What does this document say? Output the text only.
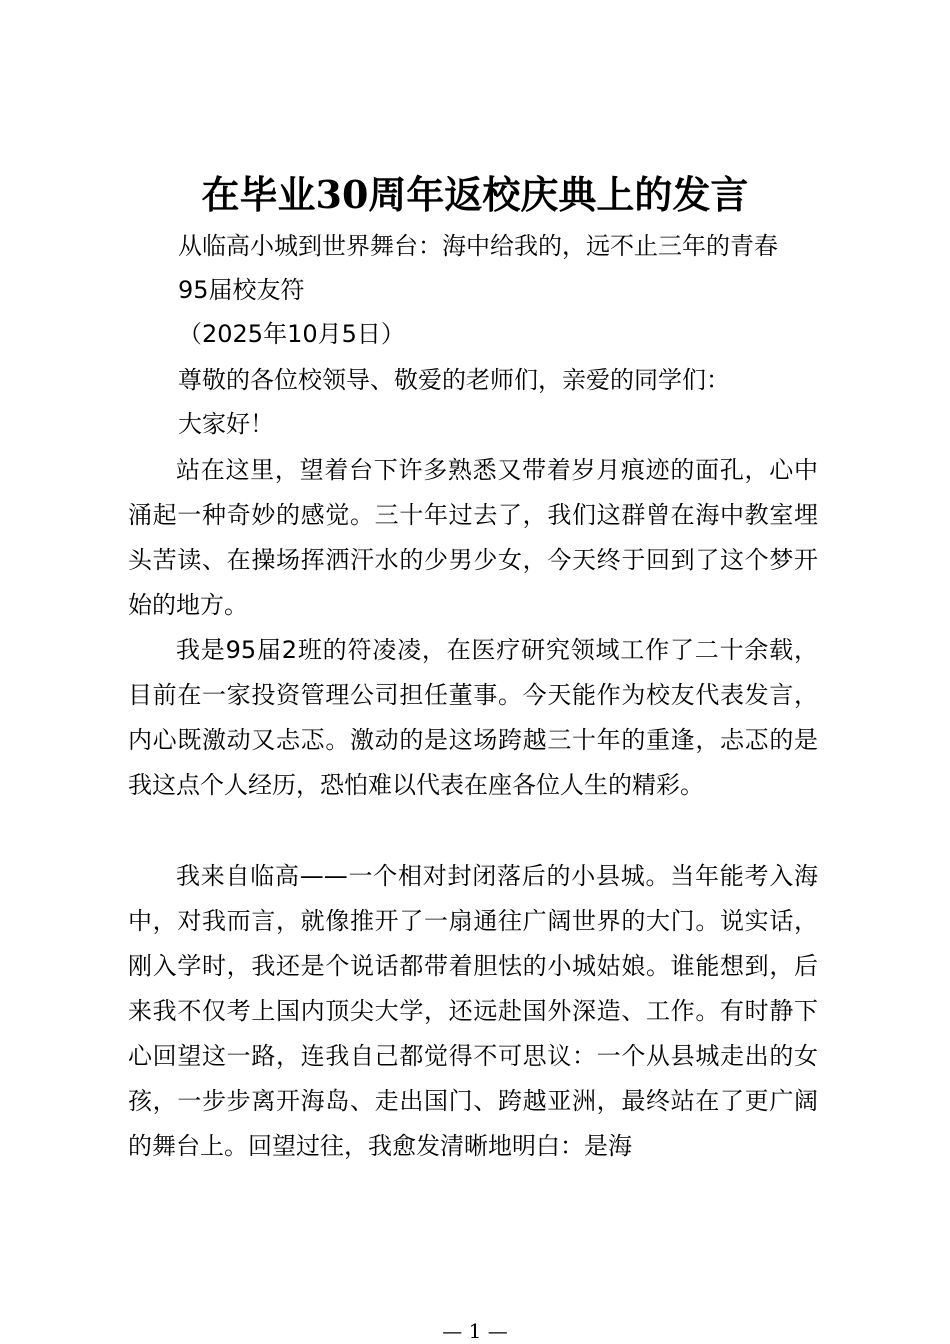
在毕业30周年返校庆典上的发言

从临高小城到世界舞台：海中给我的，远不止三年的青春

95届校友符

（2025年10月5日）

尊敬的各位校领导、敬爱的老师们，亲爱的同学们：

大家好！

站在这里，望着台下许多熟悉又带着岁月痕迹的面孔，心中涌起一种奇妙的感觉。三十年过去了，我们这群曾在海中教室埋头苦读、在操场挥洒汗水的少男少女，今天终于回到了这个梦开始的地方。

我是95届2班的符凌凌，在医疗研究领域工作了二十余载，目前在一家投资管理公司担任董事。今天能作为校友代表发言，内心既激动又忐忑。激动的是这场跨越三十年的重逢，忐忑的是我这点个人经历，恐怕难以代表在座各位人生的精彩。

我来自临高——一个相对封闭落后的小县城。当年能考入海中，对我而言，就像推开了一扇通往广阔世界的大门。说实话，刚入学时，我还是个说话都带着胆怯的小城姑娘。谁能想到，后来我不仅考上国内顶尖大学，还远赴国外深造、工作。有时静下心回望这一路，连我自己都觉得不可思议：一个从县城走出的女孩，一步步离开海岛、走出国门、跨越亚洲，最终站在了更广阔的舞台上。回望过往，我愈发清晰地明白：是海

— 1 —
